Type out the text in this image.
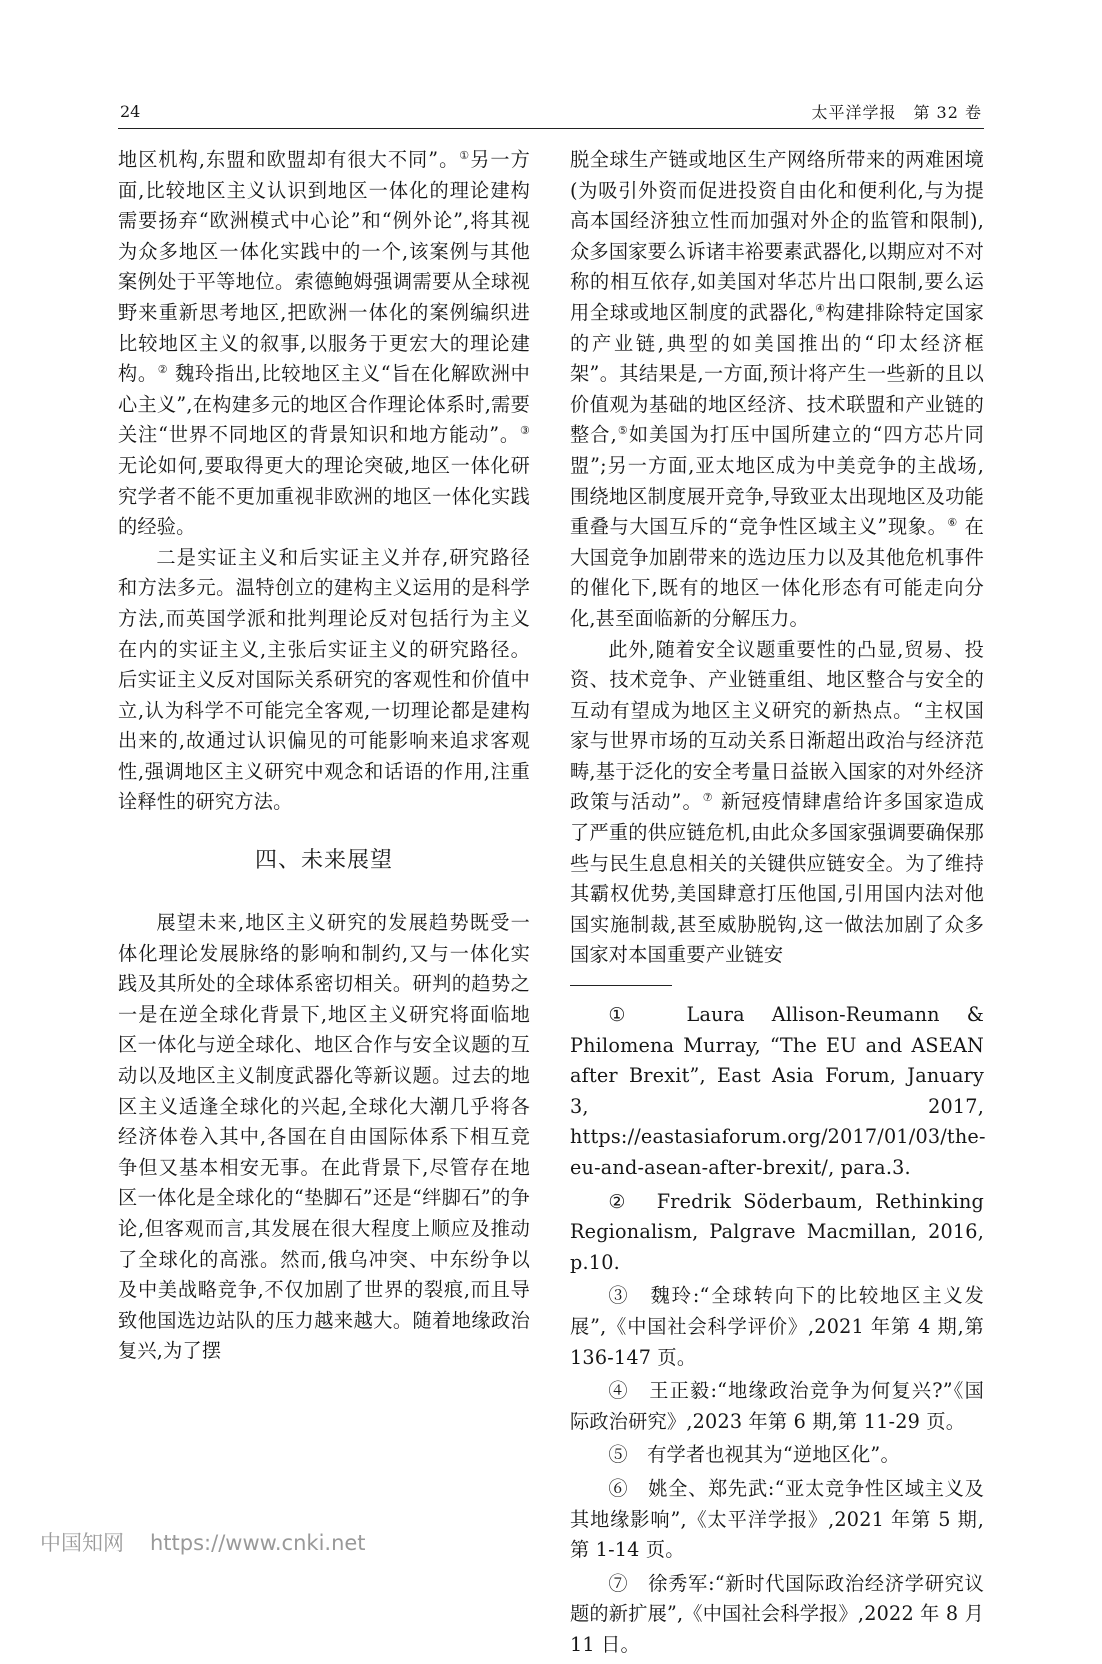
24	太平洋学报　第 32 卷

地区机构,东盟和欧盟却有很大不同”。①另一方面,比较地区主义认识到地区一体化的理论建构需要扬弃“欧洲模式中心论”和“例外论”,将其视为众多地区一体化实践中的一个,该案例与其他案例处于平等地位。索德鲍姆强调需要从全球视野来重新思考地区,把欧洲一体化的案例编织进比较地区主义的叙事,以服务于更宏大的理论建构。② 魏玲指出,比较地区主义“旨在化解欧洲中心主义”,在构建多元的地区合作理论体系时,需要关注“世界不同地区的背景知识和地方能动”。③无论如何,要取得更大的理论突破,地区一体化研究学者不能不更加重视非欧洲的地区一体化实践的经验。

二是实证主义和后实证主义并存,研究路径和方法多元。温特创立的建构主义运用的是科学方法,而英国学派和批判理论反对包括行为主义在内的实证主义,主张后实证主义的研究路径。后实证主义反对国际关系研究的客观性和价值中立,认为科学不可能完全客观,一切理论都是建构出来的,故通过认识偏见的可能影响来追求客观性,强调地区主义研究中观念和话语的作用,注重诠释性的研究方法。

四、未来展望

展望未来,地区主义研究的发展趋势既受一体化理论发展脉络的影响和制约,又与一体化实践及其所处的全球体系密切相关。研判的趋势之一是在逆全球化背景下,地区主义研究将面临地区一体化与逆全球化、地区合作与安全议题的互动以及地区主义制度武器化等新议题。过去的地区主义适逢全球化的兴起,全球化大潮几乎将各经济体卷入其中,各国在自由国际体系下相互竞争但又基本相安无事。在此背景下,尽管存在地区一体化是全球化的“垫脚石”还是“绊脚石”的争论,但客观而言,其发展在很大程度上顺应及推动了全球化的高涨。然而,俄乌冲突、中东纷争以及中美战略竞争,不仅加剧了世界的裂痕,而且导致他国选边站队的压力越来越大。随着地缘政治复兴,为了摆

脱全球生产链或地区生产网络所带来的两难困境(为吸引外资而促进投资自由化和便利化,与为提高本国经济独立性而加强对外企的监管和限制),众多国家要么诉诸丰裕要素武器化,以期应对不对称的相互依存,如美国对华芯片出口限制,要么运用全球或地区制度的武器化,④构建排除特定国家的产业链,典型的如美国推出的“印太经济框架”。其结果是,一方面,预计将产生一些新的且以价值观为基础的地区经济、技术联盟和产业链的整合,⑤如美国为打压中国所建立的“四方芯片同盟”;另一方面,亚太地区成为中美竞争的主战场,围绕地区制度展开竞争,导致亚太出现地区及功能重叠与大国互斥的“竞争性区域主义”现象。⑥ 在大国竞争加剧带来的选边压力以及其他危机事件的催化下,既有的地区一体化形态有可能走向分化,甚至面临新的分解压力。

此外,随着安全议题重要性的凸显,贸易、投资、技术竞争、产业链重组、地区整合与安全的互动有望成为地区主义研究的新热点。“主权国家与世界市场的互动关系日渐超出政治与经济范畴,基于泛化的安全考量日益嵌入国家的对外经济政策与活动”。⑦ 新冠疫情肆虐给许多国家造成了严重的供应链危机,由此众多国家强调要确保那些与民生息息相关的关键供应链安全。为了维持其霸权优势,美国肆意打压他国,引用国内法对他国实施制裁,甚至威胁脱钩,这一做法加剧了众多国家对本国重要产业链安

①　Laura Allison-Reumann & Philomena Murray, “The EU and ASEAN after Brexit”, East Asia Forum, January 3, 2017, https://eastasiaforum.org/2017/01/03/the-eu-and-asean-after-brexit/, para.3.

②　Fredrik Söderbaum, Rethinking Regionalism, Palgrave Macmillan, 2016, p.10.

③　魏玲:“全球转向下的比较地区主义发展”,《中国社会科学评价》,2021 年第 4 期,第 136-147 页。

④　王正毅:“地缘政治竞争为何复兴?”《国际政治研究》,2023 年第 6 期,第 11-29 页。

⑤　有学者也视其为“逆地区化”。

⑥　姚全、郑先武:“亚太竞争性区域主义及其地缘影响”,《太平洋学报》,2021 年第 5 期,第 1-14 页。

⑦　徐秀军:“新时代国际政治经济学研究议题的新扩展”,《中国社会科学报》,2022 年 8 月 11 日。

中国知网 https://www.cnki.net
